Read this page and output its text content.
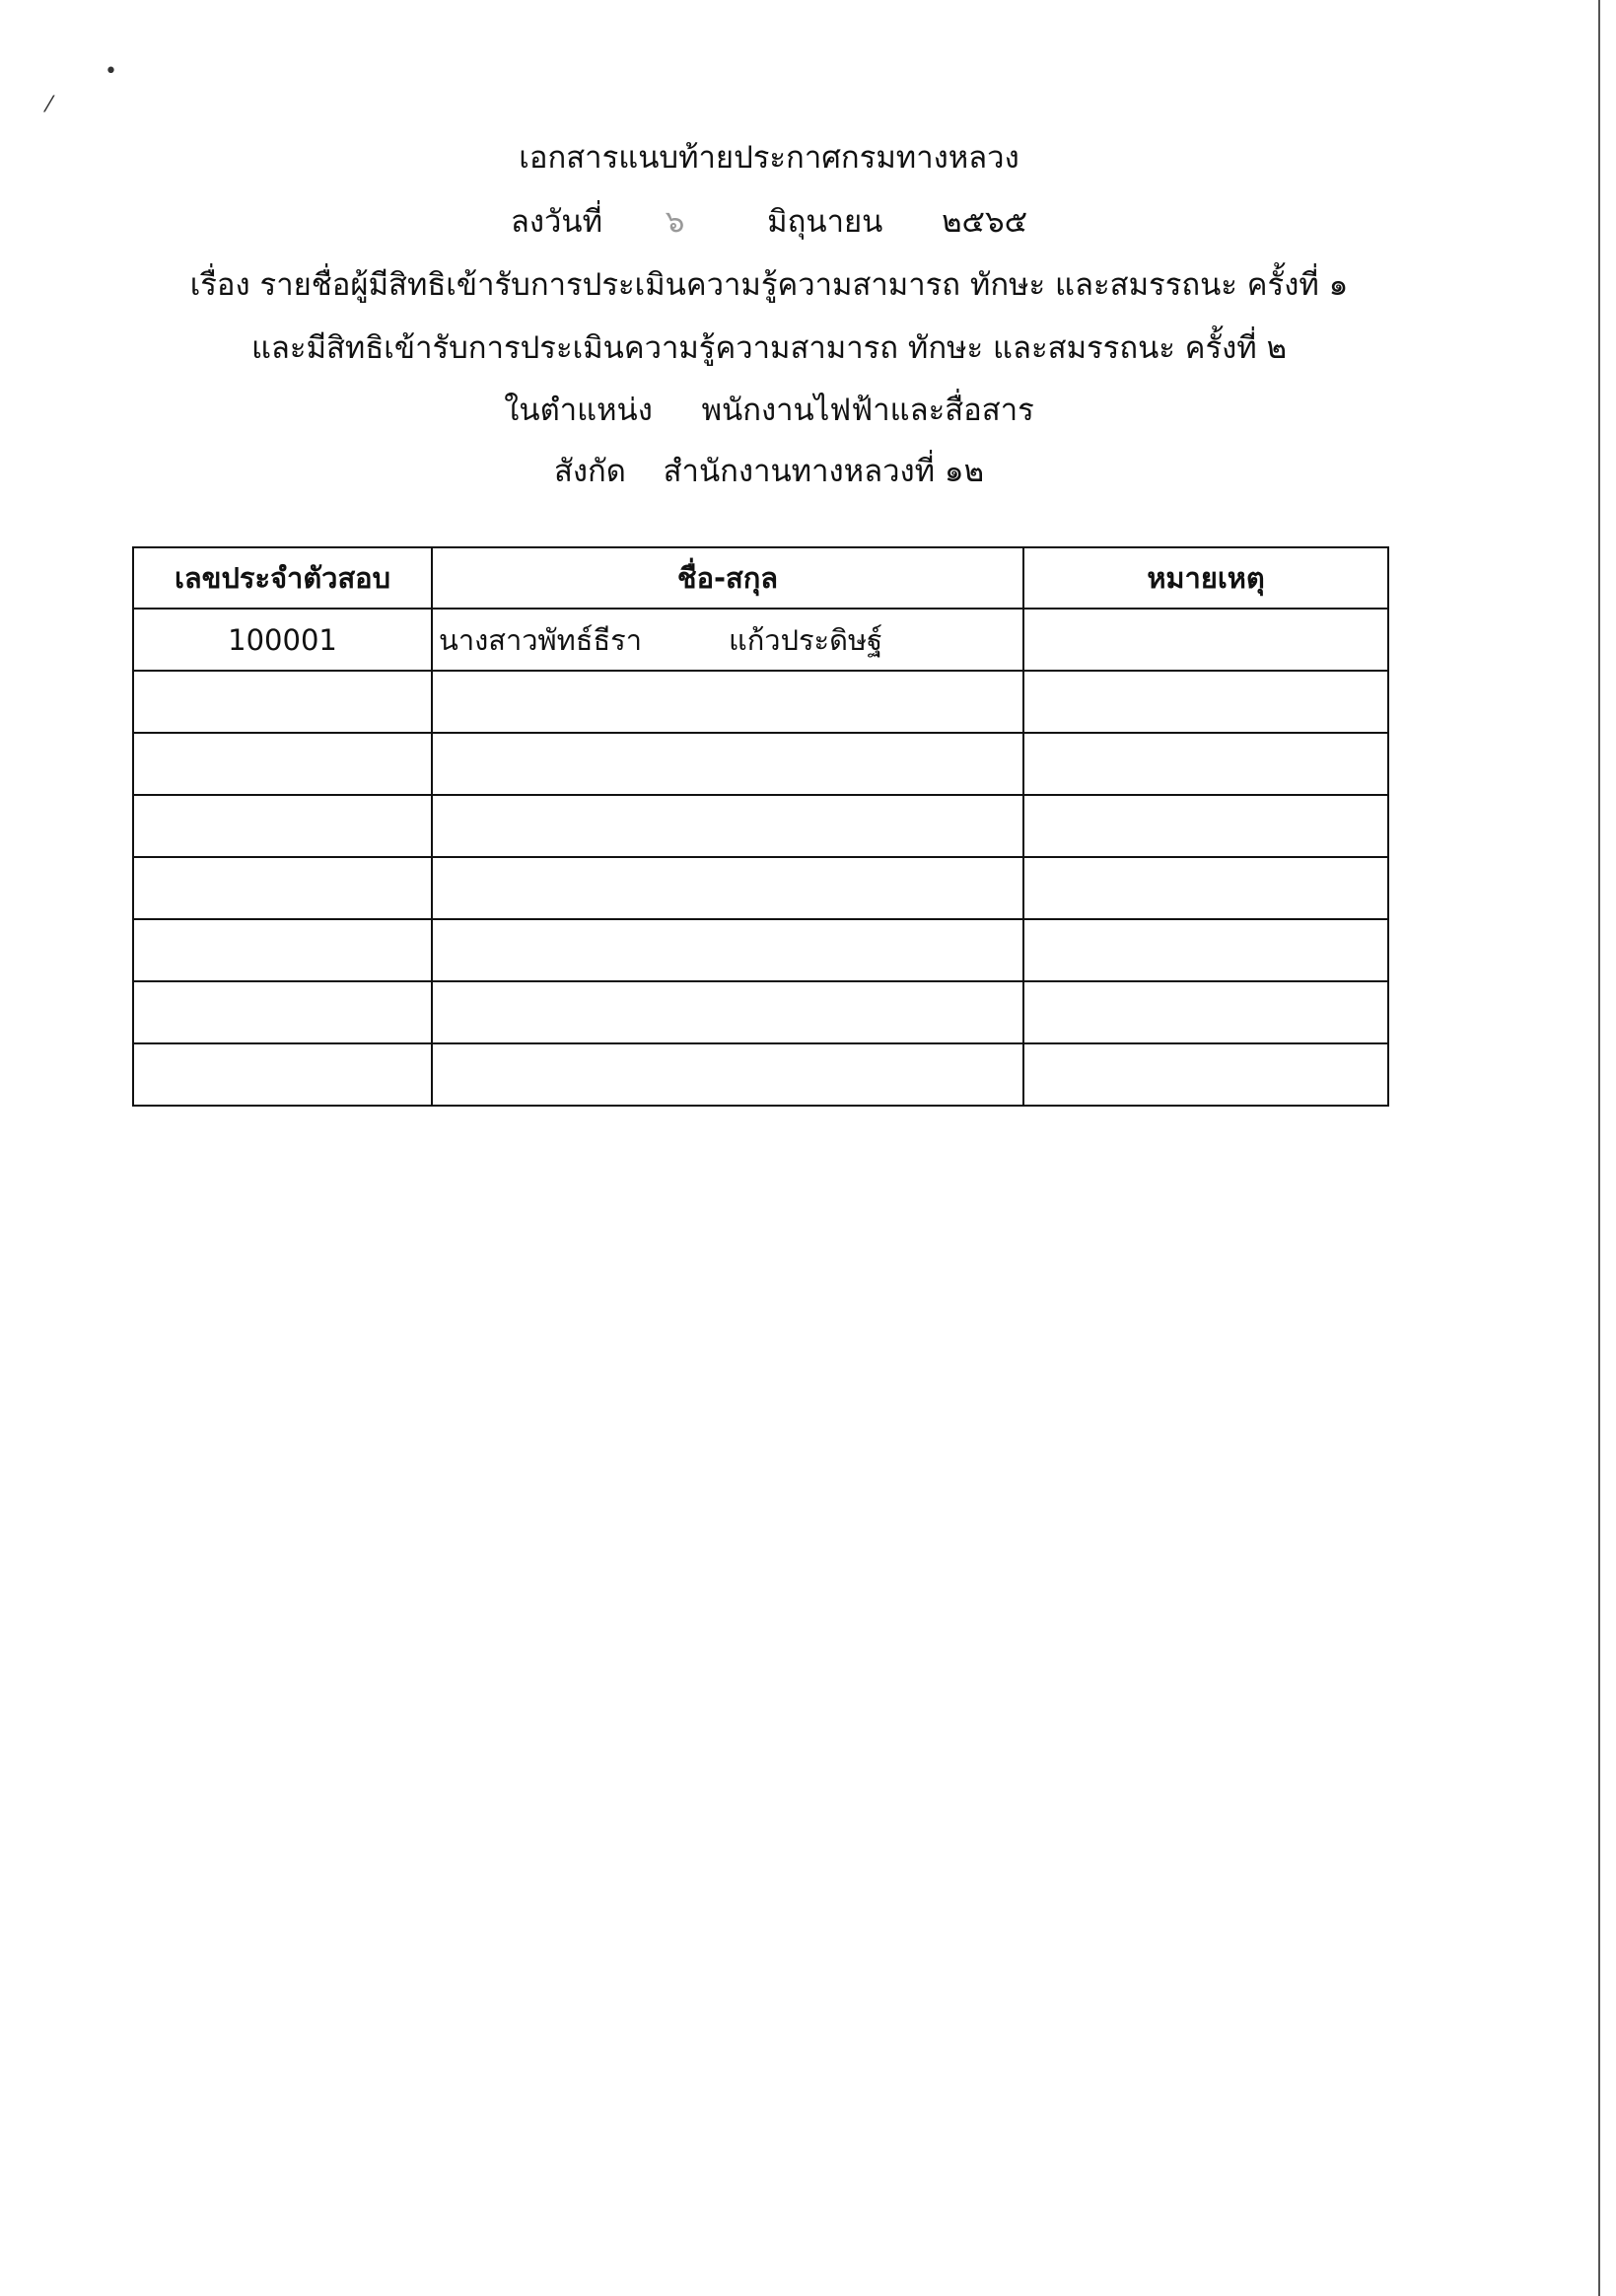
•
⁄
เอกสารแนบท้ายประกาศกรมทางหลวง
ลงวันที่ ๖	มิถุนายน ๒๕๖๕
เรื่อง รายชื่อผู้มีสิทธิเข้ารับการประเมินความรู้ความสามารถ ทักษะ และสมรรถนะ ครั้งที่ ๑
และมีสิทธิเข้ารับการประเมินความรู้ความสามารถ ทักษะ และสมรรถนะ ครั้งที่ ๒
ในตำแหน่ง พนักงานไฟฟ้าและสื่อสาร
สังกัด สำนักงานทางหลวงที่ ๑๒
เลขประจำตัวสอบ	ชื่อ-สกุล	หมายเหตุ
100001	นางสาวพัทธ์ธีรา แก้วประดิษฐ์	
